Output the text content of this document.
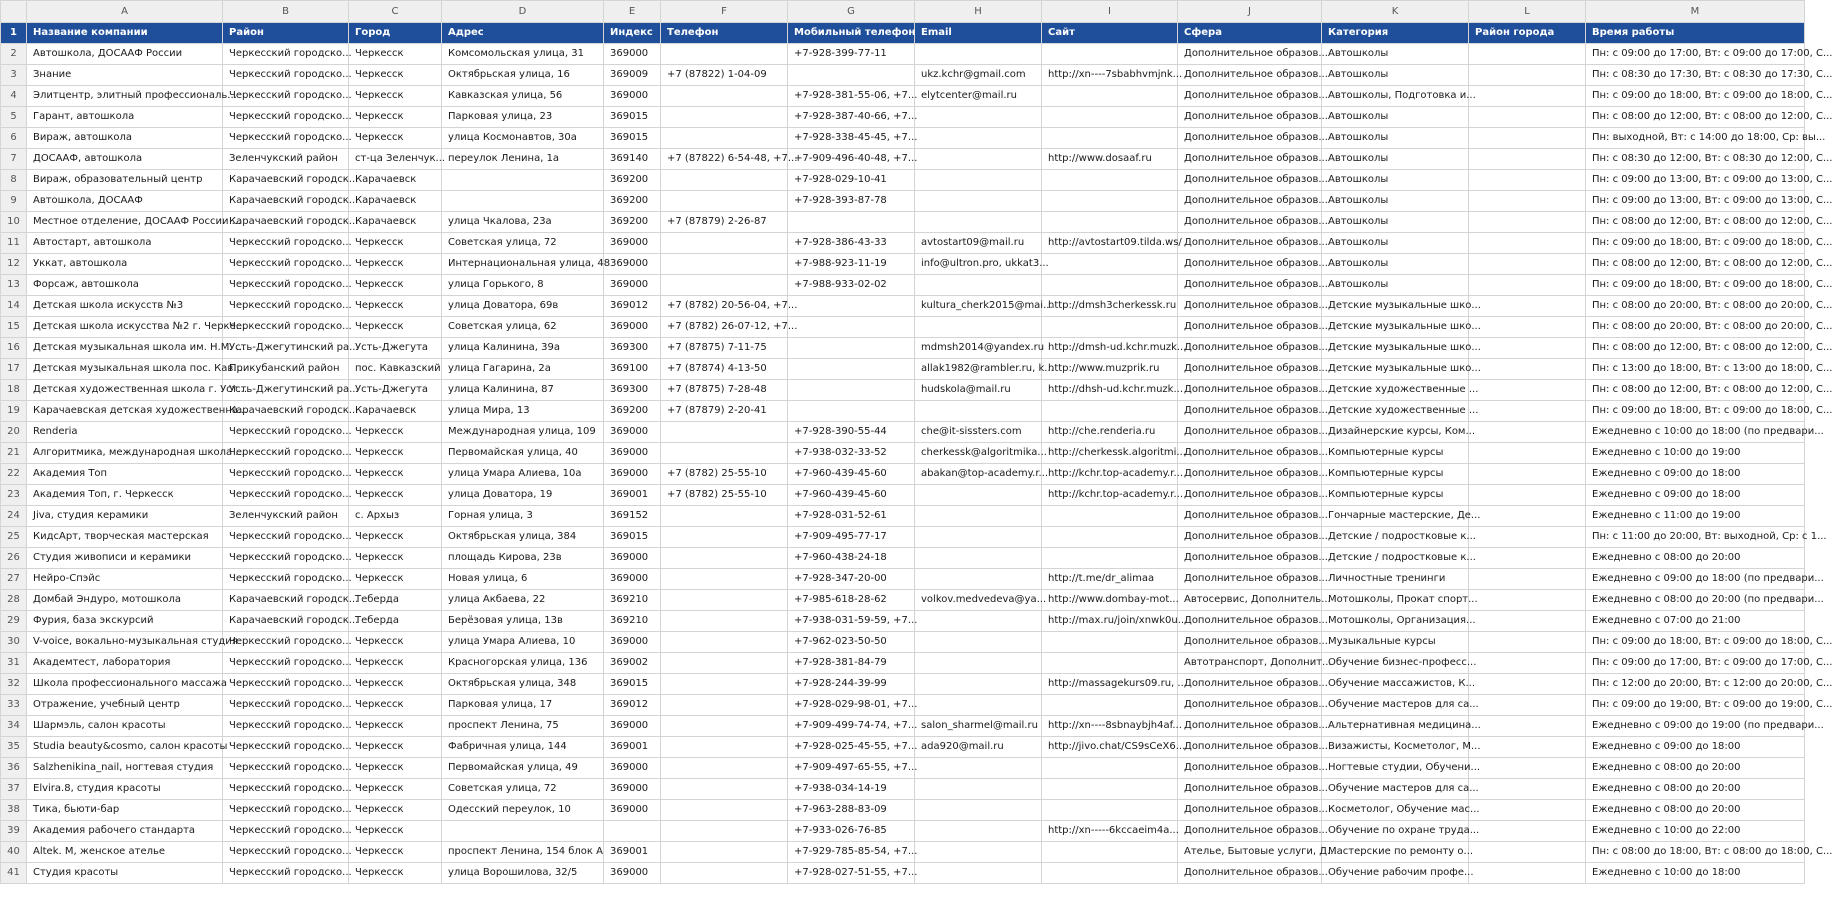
	A	B	C	D	E	F	G	H	I	J	K	L	M
1	Название компании	Район	Город	Адрес	Индекс	Телефон	Мобильный телефон	Email	Сайт	Сфера	Категория	Район города	Время работы
2	Автошкола, ДОСААФ России	Черкесский городско...	Черкесск	Комсомольская улица, 31	369000		+7-928-399-77-11			Дополнительное образов...	Автошколы		Пн: с 09:00 до 17:00, Вт: с 09:00 до 17:00, С...
3	Знание	Черкесский городско...	Черкесск	Октябрьская улица, 16	369009	+7 (87822) 1-04-09		ukz.kchr@gmail.com	http://xn----7sbabhvmjnk...	Дополнительное образов...	Автошколы		Пн: с 08:30 до 17:30, Вт: с 08:30 до 17:30, С...
4	Элитцентр, элитный профессиональ...	Черкесский городско...	Черкесск	Кавказская улица, 56	369000		+7-928-381-55-06, +7...	elytcenter@mail.ru		Дополнительное образов...	Автошколы, Подготовка и...		Пн: с 09:00 до 18:00, Вт: с 09:00 до 18:00, С...
5	Гарант, автошкола	Черкесский городско...	Черкесск	Парковая улица, 23	369015		+7-928-387-40-66, +7...			Дополнительное образов...	Автошколы		Пн: с 08:00 до 12:00, Вт: с 08:00 до 12:00, С...
6	Вираж, автошкола	Черкесский городско...	Черкесск	улица Космонавтов, 30а	369015		+7-928-338-45-45, +7...			Дополнительное образов...	Автошколы		Пн: выходной, Вт: с 14:00 до 18:00, Ср: вы...
7	ДОСААФ, автошкола	Зеленчукский район	ст-ца Зеленчук...	переулок Ленина, 1а	369140	+7 (87822) 6-54-48, +7...	+7-909-496-40-48, +7...		http://www.dosaaf.ru	Дополнительное образов...	Автошколы		Пн: с 08:30 до 12:00, Вт: с 08:30 до 12:00, С...
8	Вираж, образовательный центр	Карачаевский городск...	Карачаевск		369200		+7-928-029-10-41			Дополнительное образов...	Автошколы		Пн: с 09:00 до 13:00, Вт: с 09:00 до 13:00, С...
9	Автошкола, ДОСААФ	Карачаевский городск...	Карачаевск		369200		+7-928-393-87-78			Дополнительное образов...	Автошколы		Пн: с 09:00 до 13:00, Вт: с 09:00 до 13:00, С...
10	Местное отделение, ДОСААФ России ...	Карачаевский городск...	Карачаевск	улица Чкалова, 23а	369200	+7 (87879) 2-26-87				Дополнительное образов...	Автошколы		Пн: с 08:00 до 12:00, Вт: с 08:00 до 12:00, С...
11	Автостарт, автошкола	Черкесский городско...	Черкесск	Советская улица, 72	369000		+7-928-386-43-33	avtostart09@mail.ru	http://avtostart09.tilda.ws/	Дополнительное образов...	Автошколы		Пн: с 09:00 до 18:00, Вт: с 09:00 до 18:00, С...
12	Уккат, автошкола	Черкесский городско...	Черкесск	Интернациональная улица, 48	369000		+7-988-923-11-19	info@ultron.pro, ukkat3...		Дополнительное образов...	Автошколы		Пн: с 08:00 до 12:00, Вт: с 08:00 до 12:00, С...
13	Форсаж, автошкола	Черкесский городско...	Черкесск	улица Горького, 8	369000		+7-988-933-02-02			Дополнительное образов...	Автошколы		Пн: с 09:00 до 18:00, Вт: с 09:00 до 18:00, С...
14	Детская школа искусств №3	Черкесский городско...	Черкесск	улица Доватора, 69в	369012	+7 (8782) 20-56-04, +7...		kultura_cherk2015@mai...	http://dmsh3cherkessk.ru	Дополнительное образов...	Детские музыкальные шко...		Пн: с 08:00 до 20:00, Вт: с 08:00 до 20:00, С...
15	Детская школа искусства №2 г. Черке...	Черкесский городско...	Черкесск	Советская улица, 62	369000	+7 (8782) 26-07-12, +7...				Дополнительное образов...	Детские музыкальные шко...		Пн: с 08:00 до 20:00, Вт: с 08:00 до 20:00, С...
16	Детская музыкальная школа им. Н.М. ...	Усть-Джегутинский ра...	Усть-Джегута	улица Калинина, 39а	369300	+7 (87875) 7-11-75		mdmsh2014@yandex.ru	http://dmsh-ud.kchr.muzk...	Дополнительное образов...	Детские музыкальные шко...		Пн: с 08:00 до 12:00, Вт: с 08:00 до 12:00, С...
17	Детская музыкальная школа пос. Кав...	Прикубанский район	пос. Кавказский	улица Гагарина, 2а	369100	+7 (87874) 4-13-50		allak1982@rambler.ru, k...	http://www.muzprik.ru	Дополнительное образов...	Детские музыкальные шко...		Пн: с 13:00 до 18:00, Вт: с 13:00 до 18:00, С...
18	Детская художественная школа г. Уст...	Усть-Джегутинский ра...	Усть-Джегута	улица Калинина, 87	369300	+7 (87875) 7-28-48		hudskola@mail.ru	http://dhsh-ud.kchr.muzk...	Дополнительное образов...	Детские художественные ...		Пн: с 08:00 до 12:00, Вт: с 08:00 до 12:00, С...
19	Карачаевская детская художественна...	Карачаевский городск...	Карачаевск	улица Мира, 13	369200	+7 (87879) 2-20-41				Дополнительное образов...	Детские художественные ...		Пн: с 09:00 до 18:00, Вт: с 09:00 до 18:00, С...
20	Renderia	Черкесский городско...	Черкесск	Международная улица, 109	369000		+7-928-390-55-44	che@it-sissters.com	http://che.renderia.ru	Дополнительное образов...	Дизайнерские курсы, Ком...		Ежедневно с 10:00 до 18:00 (по предвари...
21	Алгоритмика, международная школа ...	Черкесский городско...	Черкесск	Первомайская улица, 40	369000		+7-938-032-33-52	cherkessk@algoritmika...	http://cherkessk.algoritmi...	Дополнительное образов...	Компьютерные курсы		Ежедневно с 10:00 до 19:00
22	Академия Топ	Черкесский городско...	Черкесск	улица Умара Алиева, 10а	369000	+7 (8782) 25-55-10	+7-960-439-45-60	abakan@top-academy.r...	http://kchr.top-academy.r...	Дополнительное образов...	Компьютерные курсы		Ежедневно с 09:00 до 18:00
23	Академия Топ, г. Черкесск	Черкесский городско...	Черкесск	улица Доватора, 19	369001	+7 (8782) 25-55-10	+7-960-439-45-60		http://kchr.top-academy.r...	Дополнительное образов...	Компьютерные курсы		Ежедневно с 09:00 до 18:00
24	Jiva, студия керамики	Зеленчукский район	с. Архыз	Горная улица, 3	369152		+7-928-031-52-61			Дополнительное образов...	Гончарные мастерские, Де...		Ежедневно с 11:00 до 19:00
25	КидсАрт, творческая мастерская	Черкесский городско...	Черкесск	Октябрьская улица, 384	369015		+7-909-495-77-17			Дополнительное образов...	Детские / подростковые к...		Пн: с 11:00 до 20:00, Вт: выходной, Ср: с 1...
26	Студия живописи и керамики	Черкесский городско...	Черкесск	площадь Кирова, 23в	369000		+7-960-438-24-18			Дополнительное образов...	Детские / подростковые к...		Ежедневно с 08:00 до 20:00
27	Нейро-Спэйс	Черкесский городско...	Черкесск	Новая улица, 6	369000		+7-928-347-20-00		http://t.me/dr_alimaa	Дополнительное образов...	Личностные тренинги		Ежедневно с 09:00 до 18:00 (по предвари...
28	Домбай Эндуро, мотошкола	Карачаевский городск...	Теберда	улица Акбаева, 22	369210		+7-985-618-28-62	volkov.medvedeva@ya...	http://www.dombay-mot...	Автосервис, Дополнитель...	Мотошколы, Прокат спорт...		Ежедневно с 08:00 до 20:00 (по предвари...
29	Фурия, база экскурсий	Карачаевский городск...	Теберда	Берёзовая улица, 13в	369210		+7-938-031-59-59, +7...		http://max.ru/join/xnwk0u...	Дополнительное образов...	Мотошколы, Организация...		Ежедневно с 07:00 до 21:00
30	V-voice, вокально-музыкальная студия	Черкесский городско...	Черкесск	улица Умара Алиева, 10	369000		+7-962-023-50-50			Дополнительное образов...	Музыкальные курсы		Пн: с 09:00 до 18:00, Вт: с 09:00 до 18:00, С...
31	Академтест, лаборатория	Черкесский городско...	Черкесск	Красногорская улица, 136	369002		+7-928-381-84-79			Автотранспорт, Дополнит...	Обучение бизнес-професс...		Пн: с 09:00 до 17:00, Вт: с 09:00 до 17:00, С...
32	Школа профессионального массажа	Черкесский городско...	Черкесск	Октябрьская улица, 348	369015		+7-928-244-39-99		http://massagekurs09.ru, ...	Дополнительное образов...	Обучение массажистов, К...		Пн: с 12:00 до 20:00, Вт: с 12:00 до 20:00, С...
33	Отражение, учебный центр	Черкесский городско...	Черкесск	Парковая улица, 17	369012		+7-928-029-98-01, +7...			Дополнительное образов...	Обучение мастеров для са...		Пн: с 09:00 до 19:00, Вт: с 09:00 до 19:00, С...
34	Шармэль, салон красоты	Черкесский городско...	Черкесск	проспект Ленина, 75	369000		+7-909-499-74-74, +7...	salon_sharmel@mail.ru	http://xn----8sbnaybjh4af...	Дополнительное образов...	Альтернативная медицина...		Ежедневно с 09:00 до 19:00 (по предвари...
35	Studia beauty&cosmo, салон красоты	Черкесский городско...	Черкесск	Фабричная улица, 144	369001		+7-928-025-45-55, +7...	ada920@mail.ru	http://jivo.chat/CS9sCeX6...	Дополнительное образов...	Визажисты, Косметолог, М...		Ежедневно с 09:00 до 18:00
36	Salzhenikina_nail, ногтевая студия	Черкесский городско...	Черкесск	Первомайская улица, 49	369000		+7-909-497-65-55, +7...			Дополнительное образов...	Ногтевые студии, Обучени...		Ежедневно с 08:00 до 20:00
37	Elvira.8, студия красоты	Черкесский городско...	Черкесск	Советская улица, 72	369000		+7-938-034-14-19			Дополнительное образов...	Обучение мастеров для са...		Ежедневно с 08:00 до 20:00
38	Тика, бьюти-бар	Черкесский городско...	Черкесск	Одесский переулок, 10	369000		+7-963-288-83-09			Дополнительное образов...	Косметолог, Обучение мас...		Ежедневно с 08:00 до 20:00
39	Академия рабочего стандарта	Черкесский городско...	Черкесск				+7-933-026-76-85		http://xn-----6kccaeim4a...	Дополнительное образов...	Обучение по охране труда...		Ежедневно с 10:00 до 22:00
40	Altek. M, женское ателье	Черкесский городско...	Черкесск	проспект Ленина, 154 блок А	369001		+7-929-785-85-54, +7...			Ателье, Бытовые услуги, Д...	Мастерские по ремонту о...		Пн: с 08:00 до 18:00, Вт: с 08:00 до 18:00, С...
41	Студия красоты	Черкесский городско...	Черкесск	улица Ворошилова, 32/5	369000		+7-928-027-51-55, +7...			Дополнительное образов...	Обучение рабочим профе...		Ежедневно с 10:00 до 18:00
